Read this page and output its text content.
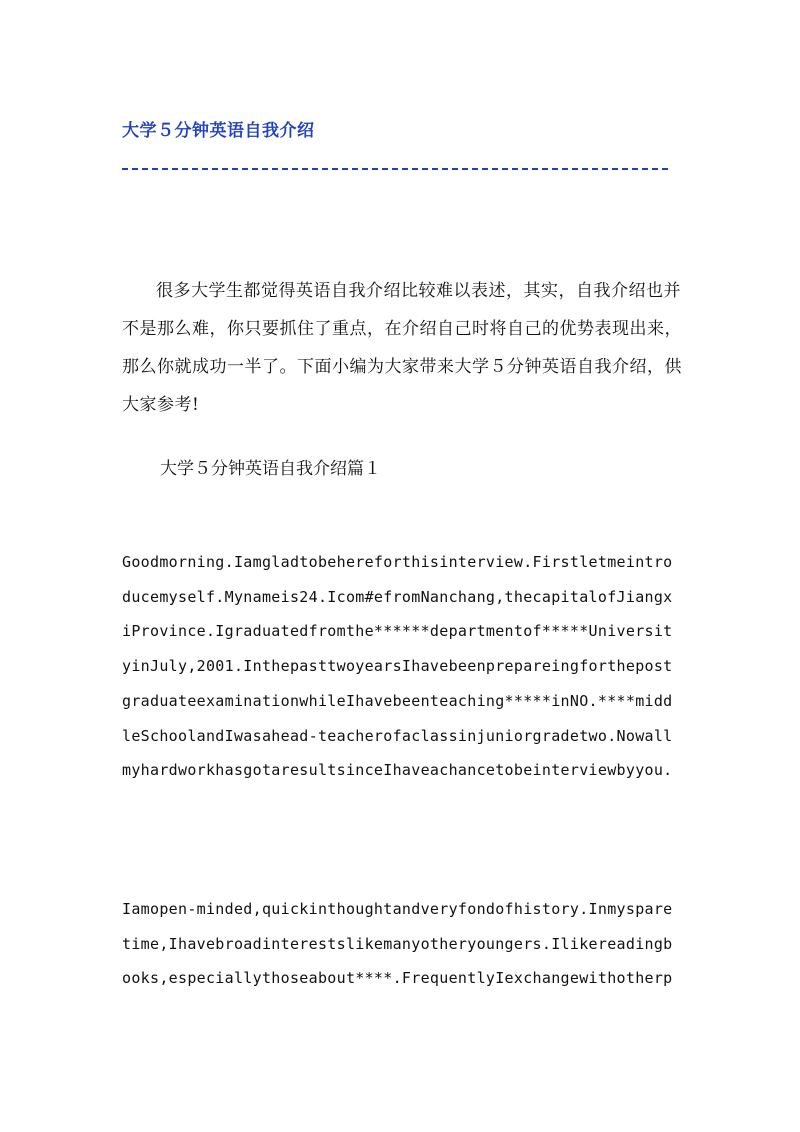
大学５分钟英语自我介绍

很多大学生都觉得英语自我介绍比较难以表述，其实，自我介绍也并不是那么难，你只要抓住了重点，在介绍自己时将自己的优势表现出来，那么你就成功一半了。下面小编为大家带来大学５分钟英语自我介绍，供大家参考!

大学５分钟英语自我介绍篇１

Goodmorning.Iamgladtobehereforthisinterview.Firstletmeintroducemyself.Mynameis24.Icom#efromNanchang,thecapitalofJiangxiProvince.Igraduatedfromthe******departmentof*****UniversityinJuly,2001.InthepasttwoyearsIhavebeenprepareingforthepostgraduateexaminationwhileIhavebeenteaching*****inNO.****middleSchoolandIwasahead-teacherofaclassinjuniorgradetwo.NowallmyhardworkhasgotaresultsinceIhaveachancetobeinterviewbyyou.

Iamopen-minded,quickinthoughtandveryfondofhistory.Inmysparetime,Ihavebroadinterestslikemanyotheryoungers.Ilikereadingbooks,especiallythoseabout****.FrequentlyIexchangewithotherp
